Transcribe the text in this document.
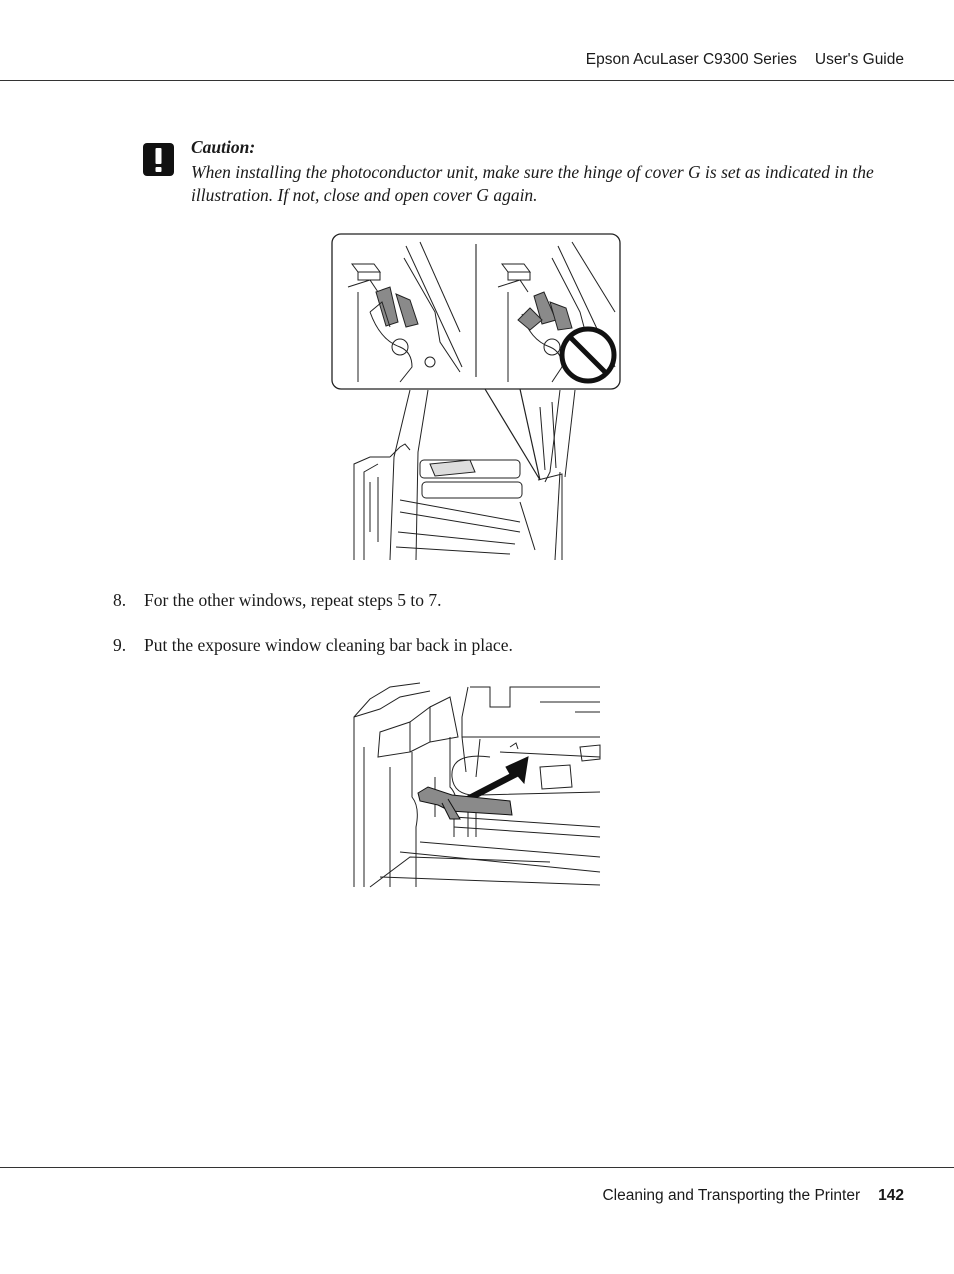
Epson AcuLaser C9300 Series User's Guide
Caution:
When installing the photoconductor unit, make sure the hinge of cover G is set as indicated in the illustration. If not, close and open cover G again.
8. For the other windows, repeat steps 5 to 7.
9. Put the exposure window cleaning bar back in place.
Cleaning and Transporting the Printer 142
